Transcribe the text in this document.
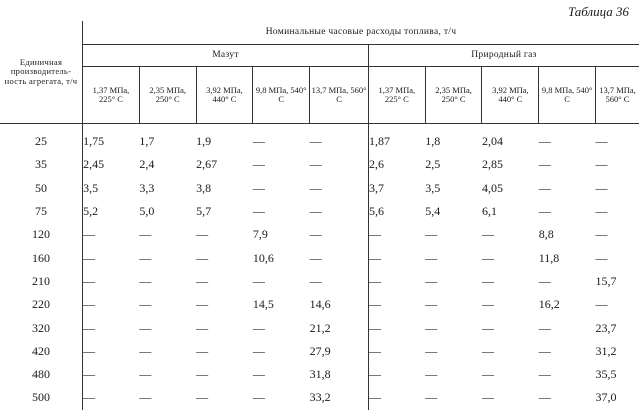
Таблица 36
Единичная производитель-ность агрегата, т/ч	Номинальные часовые расходы топлива, т/ч									
	Мазут					Природный газ				
	1,37 МПа, 225° С	2,35 МПа, 250° С	3,92 МПа, 440° С	9,8 МПа, 540° С	13,7 МПа, 560° С	1,37 МПа, 225° С	2,35 МПа, 250° С	3,92 МПа, 440° С	9,8 МПа, 540° С	13,7 МПа, 560° С
25	1,75	1,7	1,9	—	—	1,87	1,8	2,04	—	—
35	2,45	2,4	2,67	—	—	2,6	2,5	2,85	—	—
50	3,5	3,3	3,8	—	—	3,7	3,5	4,05	—	—
75	5,2	5,0	5,7	—	—	5,6	5,4	6,1	—	—
120	—	—	—	7,9	—	—	—	—	8,8	—
160	—	—	—	10,6	—	—	—	—	11,8	—
210	—	—	—	—	—	—	—	—	—	15,7
220	—	—	—	14,5	14,6	—	—	—	16,2	—
320	—	—	—	—	21,2	—	—	—	—	23,7
420	—	—	—	—	27,9	—	—	—	—	31,2
480	—	—	—	—	31,8	—	—	—	—	35,5
500	—	—	—	—	33,2	—	—	—	—	37,0
